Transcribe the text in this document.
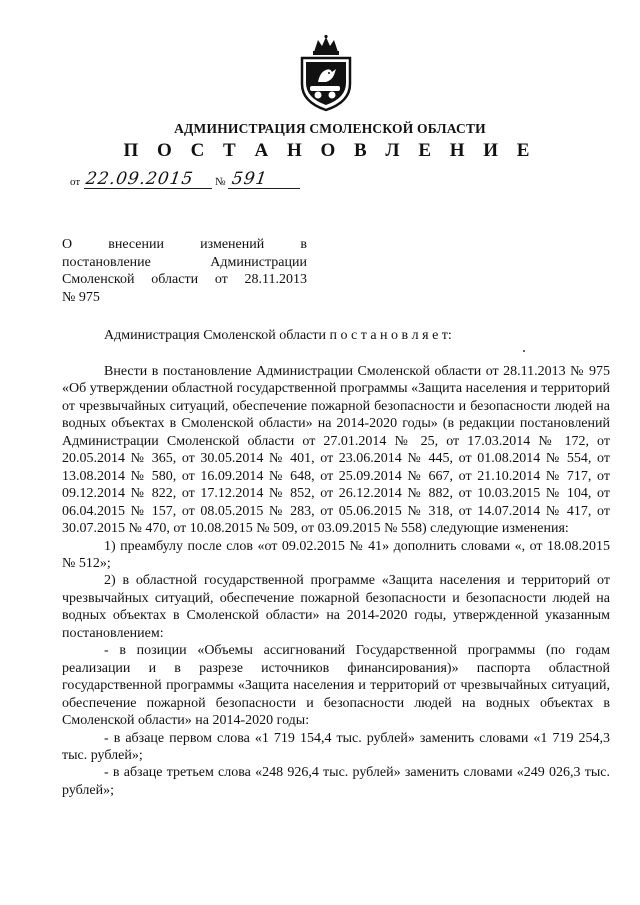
АДМИНИСТРАЦИЯ СМОЛЕНСКОЙ ОБЛАСТИ
П О С Т А Н О В Л Е Н И Е
от 22.09.2015 № 591
О внесении изменений в
постановление Администрации
Смоленской области от 28.11.2013
№ 975
Администрация Смоленской области п о с т а н о в л я е т:

Внести в постановление Администрации Смоленской области от 28.11.2013 № 975 «Об утверждении областной государственной программы «Защита населения и территорий от чрезвычайных ситуаций, обеспечение пожарной безопасности и безопасности людей на водных объектах в Смоленской области» на 2014-2020 годы» (в редакции постановлений Администрации Смоленской области от 27.01.2014 № 25, от 17.03.2014 № 172, от 20.05.2014 № 365, от 30.05.2014 № 401, от 23.06.2014 № 445, от 01.08.2014 № 554, от 13.08.2014 № 580, от 16.09.2014 № 648, от 25.09.2014 № 667, от 21.10.2014 № 717, от 09.12.2014 № 822, от 17.12.2014 № 852, от 26.12.2014 № 882, от 10.03.2015 № 104, от 06.04.2015 № 157, от 08.05.2015 № 283, от 05.06.2015 № 318, от 14.07.2014 № 417, от 30.07.2015 № 470, от 10.08.2015 № 509, от 03.09.2015 № 558) следующие изменения:

1) преамбулу после слов «от 09.02.2015 № 41» дополнить словами «, от 18.08.2015 № 512»;

2) в областной государственной программе «Защита населения и территорий от чрезвычайных ситуаций, обеспечение пожарной безопасности и безопасности людей на водных объектах в Смоленской области» на 2014-2020 годы, утвержденной указанным постановлением:

- в позиции «Объемы ассигнований Государственной программы (по годам реализации и в разрезе источников финансирования)» паспорта областной государственной программы «Защита населения и территорий от чрезвычайных ситуаций, обеспечение пожарной безопасности и безопасности людей на водных объектах в Смоленской области» на 2014-2020 годы:

- в абзаце первом слова «1 719 154,4 тыс. рублей» заменить словами «1 719 254,3 тыс. рублей»;

- в абзаце третьем слова «248 926,4 тыс. рублей» заменить словами «249 026,3 тыс. рублей»;
